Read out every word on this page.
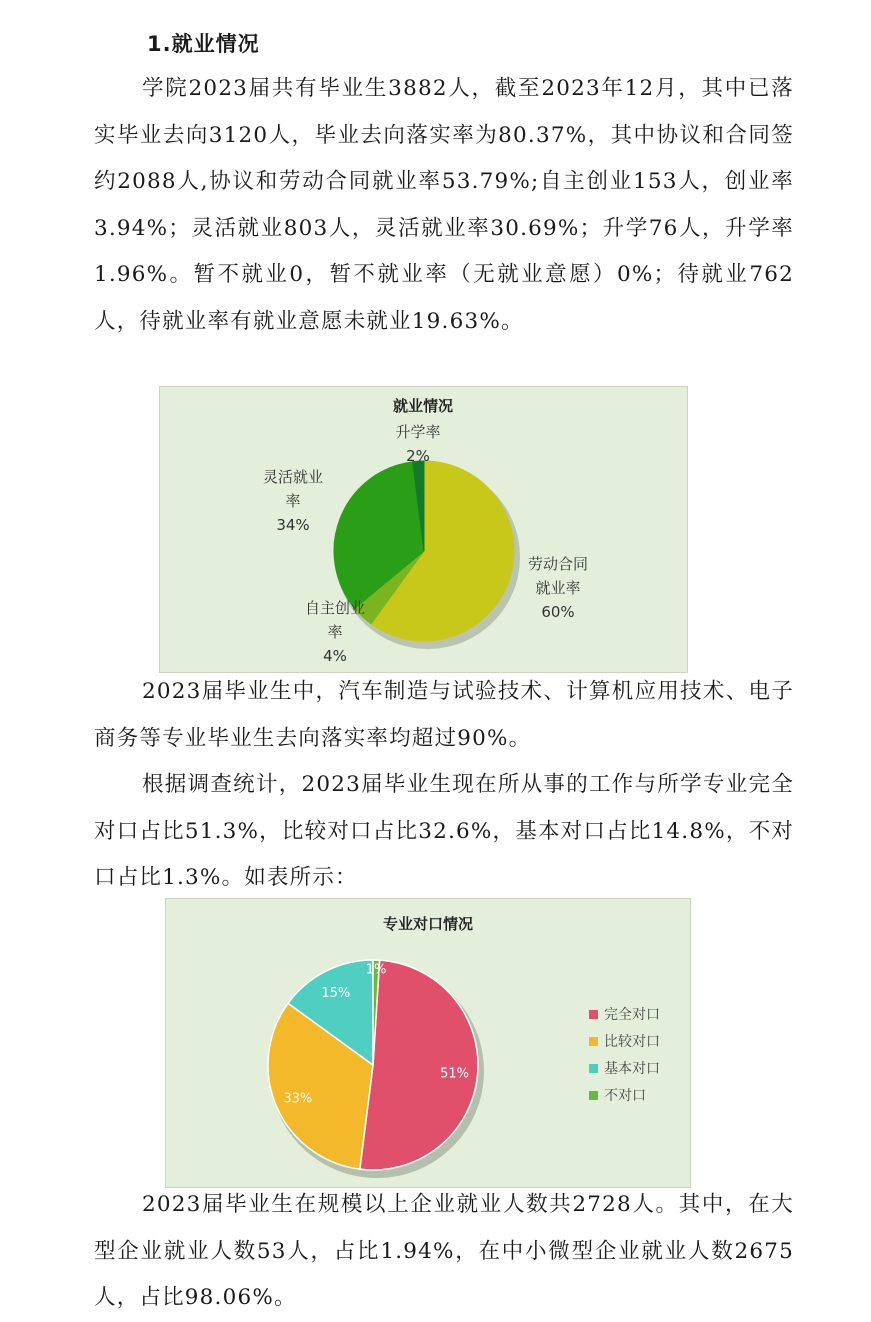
1.就业情况

学院2023届共有毕业生3882人，截至2023年12月，其中已落实毕业去向3120人，毕业去向落实率为80.37%，其中协议和合同签约2088人,协议和劳动合同就业率53.79%;自主创业153人，创业率3.94%；灵活就业803人，灵活就业率30.69%；升学76人，升学率1.96%。暂不就业0，暂不就业率（无就业意愿）0%；待就业762人，待就业率有就业意愿未就业19.63%。

就业情况
劳动合同
就业率
60%
自主创业
率
4%
灵活就业
率
34%
升学率
2%

2023届毕业生中，汽车制造与试验技术、计算机应用技术、电子商务等专业毕业生去向落实率均超过90%。

根据调查统计，2023届毕业生现在所从事的工作与所学专业完全对口占比51.3%，比较对口占比32.6%，基本对口占比14.8%，不对口占比1.3%。如表所示：

专业对口情况
51%
33%
15%
1%
完全对口
比较对口
基本对口
不对口

2023届毕业生在规模以上企业就业人数共2728人。其中，在大型企业就业人数53人，占比1.94%，在中小微型企业就业人数2675人，占比98.06%。
